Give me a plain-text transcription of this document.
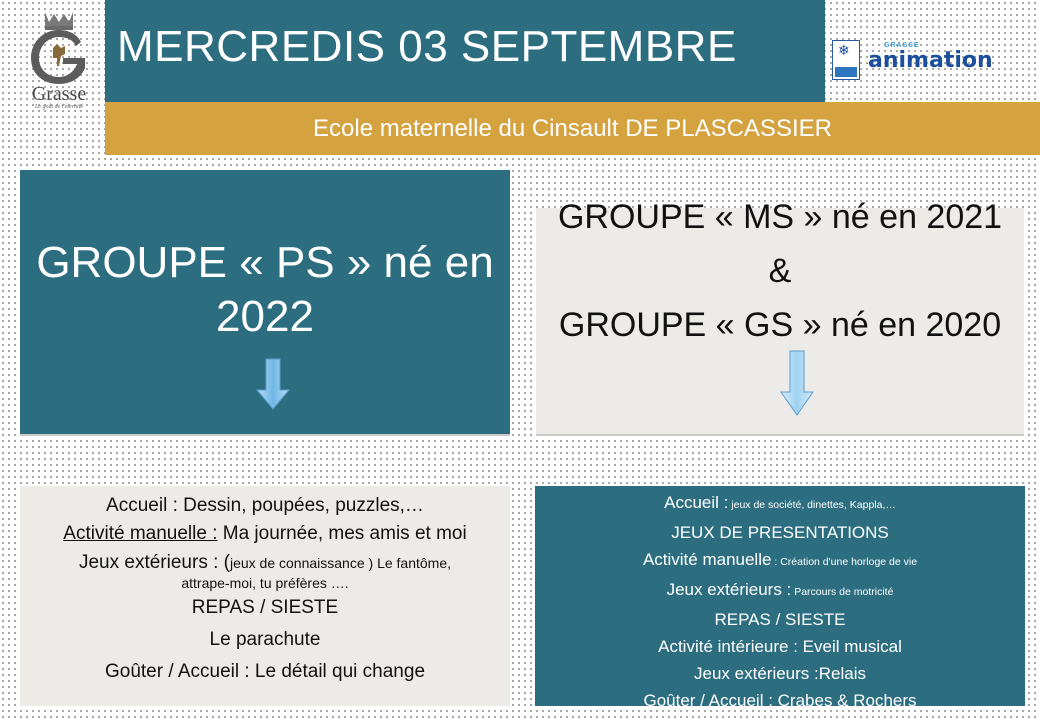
Grasse
Le goût de l'éternité
MERCREDIS 03 SEPTEMBRE	❄	GRASSE
animation
Ecole maternelle du Cinsault DE PLASCASSIER
GROUPE « PS » né en
2022
GROUPE « MS » né en 2021
&
GROUPE « GS » né en 2020
Accueil : Dessin, poupées, puzzles,…
Activité manuelle : Ma journée, mes amis et moi
Jeux extérieurs : (jeux de connaissance ) Le fantôme,
attrape-moi, tu préfères ….
REPAS / SIESTE
Le parachute
Goûter / Accueil : Le détail qui change
Accueil : jeux de société, dinettes, Kappla,…
JEUX DE PRESENTATIONS
Activité manuelle : Création d'une horloge de vie
Jeux extérieurs : Parcours de motricité
REPAS / SIESTE
Activité intérieure : Eveil musical
Jeux extérieurs :Relais
Goûter / Accueil : Crabes & Rochers
